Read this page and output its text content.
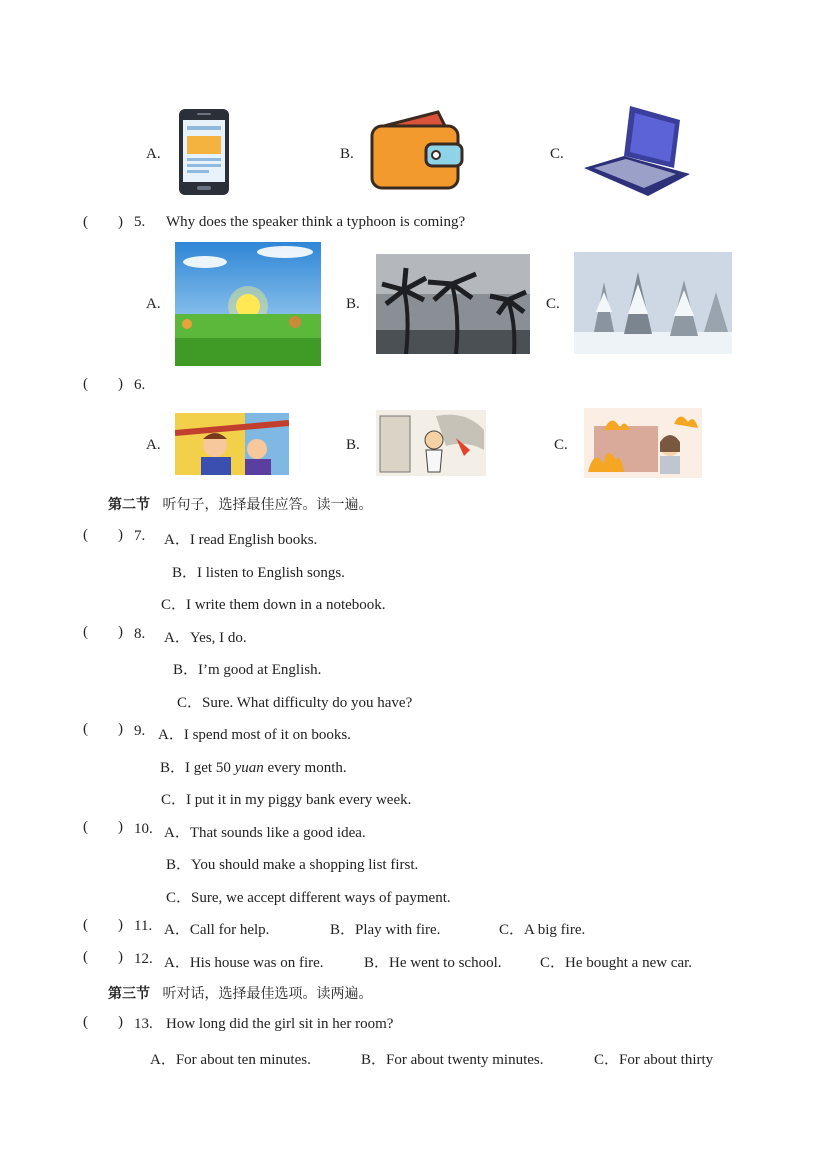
A.	B.	C.
( ) 5. Why does the speaker think a typhoon is coming?
A.	B.	C.
( ) 6.
A.	B.	C.
第二节 听句子，选择最佳应答。读一遍。
( ) 7. A．I read English books.
B．I listen to English songs.
C．I write them down in a notebook.
( ) 8. A．Yes, I do.
B．I’m good at English.
C．Sure. What difficulty do you have?
( ) 9. A．I spend most of it on books.
B．I get 50 yuan every month.
C．I put it in my piggy bank every week.
( ) 10. A．That sounds like a good idea.
B．You should make a shopping list first.
C．Sure, we accept different ways of payment.
( ) 11. A．Call for help.	B．Play with fire.	C．A big fire.
( ) 12. A．His house was on fire.	B．He went to school.	C．He bought a new car.
第三节 听对话，选择最佳选项。读两遍。
( ) 13. How long did the girl sit in her room?
A．For about ten minutes.	B．For about twenty minutes.	C．For about thirty
